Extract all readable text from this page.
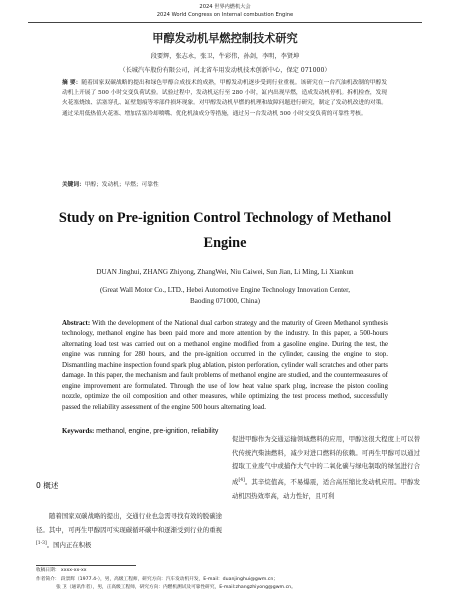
2024 世界内燃机大会
2024 World Congress on Internal combustion Engine
甲醇发动机早燃控制技术研究
段要辉，张志永，张卫，牛彩伟，孙剑，李明，李贤坤
（长城汽车股份有限公司，河北省车用发动机技术创新中心，保定 071000）
摘 要：随着国家双碳战略的提出和绿色甲醇合成技术的成熟，甲醇发动机逐步受到行业重视。该研究在一台汽油机改制的甲醇发动机上开展了 500 小时交变负荷试验。试验过程中，发动机运行至 280 小时，缸内出现早燃，造成发动机停机。拆机检查，发现火花塞烧蚀、活塞穿孔、缸壁划痕等零部件损坏现象。对甲醇发动机早燃的机理和故障问题进行研究，制定了发动机改进的对策。通过采用低热值火花塞、增加活塞冷却喷嘴、优化机油成分等措施，通过另一台发动机 500 小时交变负荷的可靠性考核。
关键词：甲醇；发动机；早燃；可靠性
Study on Pre-ignition Control Technology of Methanol Engine
DUAN Jinghui, ZHANG Zhiyong, ZhangWei, Niu Caiwei, Sun Jian, Li Ming, Li Xiankun
(Great Wall Motor Co., LTD., Hebei Automotive Engine Technology Innovation Center,
Baoding 071000, China)
Abstract: With the development of the National dual carbon strategy and the maturity of Green Methanol synthesis technology, methanol engine has been paid more and more attention by the industry. In this paper, a 500-hours alternating load test was carried out on a methanol engine modified from a gasoline engine. During the test, the engine was running for 280 hours, and the pre-ignition occurred in the cylinder, causing the engine to stop. Dismantling machine inspection found spark plug ablation, piston perforation, cylinder wall scratches and other parts damage. In this paper, the mechanism and fault problems of methanol engine are studied, and the countermeasures of engine improvement are formulated. Through the use of low heat value spark plug, increase the piston cooling nozzle, optimize the oil composition and other measures, while optimizing the test process method, successfully passed the reliability assessment of the engine 500 hours alternating load.
Keywords: methanol, engine, pre-ignition, reliability
0 概述
随着国家双碳战略的提出，交通行业也急需寻找有效的脱碳途径。其中，可再生甲醇因可实现碳循环碳中和逐渐受到行业的重视[1-3]。国内正在积极
促进甲醇作为交通运输领域燃料的应用，甲醇这很大程度上可以替代传统汽柴油燃料，减少对进口燃料的依赖。可再生甲醇可以通过提取工业废气中或捕作大气中的二氧化碳与绿电制取的绿氢进行合成[4]。其辛烷值高，不易爆震，适合高压缩比发动机应用。甲醇发动机因热效率高，动力性好，且可利
收稿日期： xxxx-xx-xx
作者简介： 段景辉（1977.4-），男，高级工程师，研究方向：汽车发动机开发，E-mail：duanjinghui@gwm.cn；
张 卫（通讯作者），男，正高级工程师，研究方向：内燃机测试及可靠性研究，E-mail:zhangzhiyong@gwm.cn。
